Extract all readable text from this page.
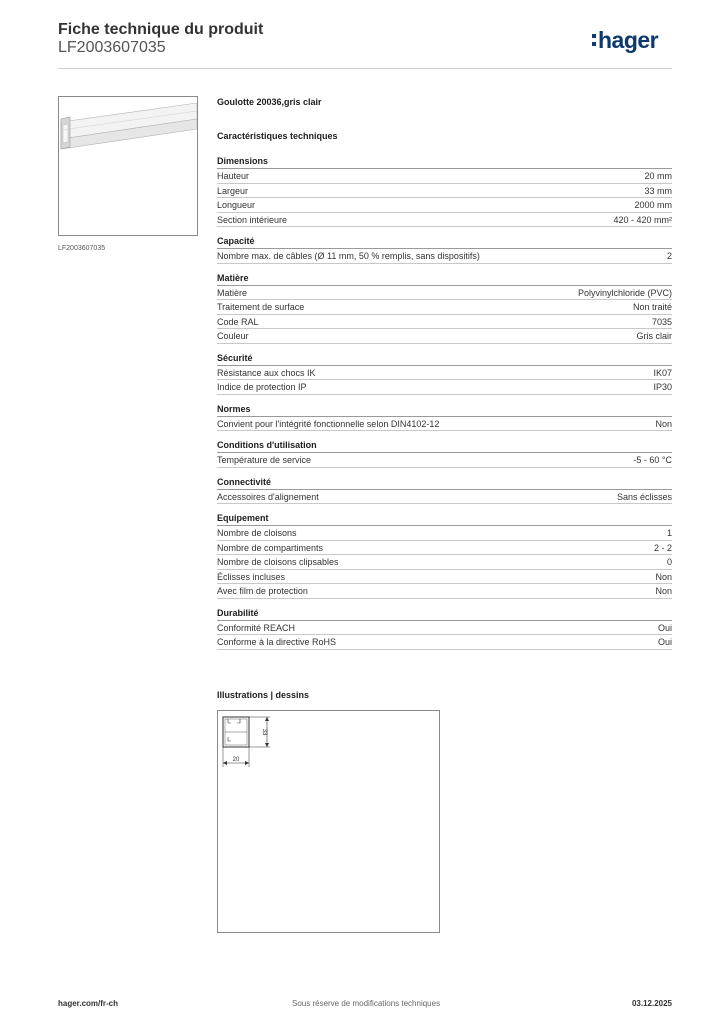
Fiche technique du produit
LF2003607035	hager
LF2003607035
Goulotte 20036,gris clair
Caractéristiques techniques
Dimensions
Hauteur	20 mm
Largeur	33 mm
Longueur	2000 mm
Section intérieure	420 - 420 mm²
Capacité
Nombre max. de câbles (Ø 11 mm, 50 % remplis, sans dispositifs)	2
Matière
Matière	Polyvinylchloride (PVC)
Traitement de surface	Non traité
Code RAL	7035
Couleur	Gris clair
Sécurité
Résistance aux chocs IK	IK07
Indice de protection IP	IP30
Normes
Convient pour l'intégrité fonctionnelle selon DIN4102-12	Non
Conditions d'utilisation
Température de service	-5 - 60 °C
Connectivité
Accessoires d'alignement	Sans éclisses
Equipement
Nombre de cloisons	1
Nombre de compartiments	2 - 2
Nombre de cloisons clipsables	0
Éclisses incluses	Non
Avec film de protection	Non
Durabilité
Conformité REACH	Oui
Conforme à la directive RoHS	Oui
Illustrations | dessins
33
20
hager.com/fr-ch	Sous réserve de modifications techniques	03.12.2025
